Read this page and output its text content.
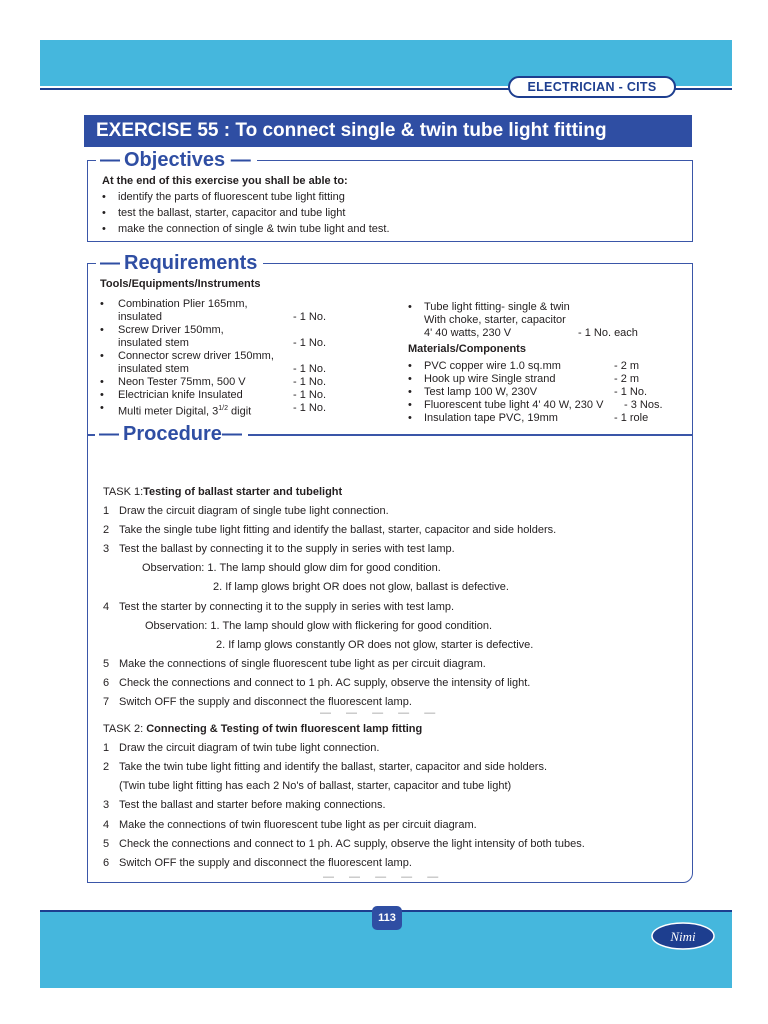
ELECTRICIAN - CITS
EXERCISE 55 : To connect single & twin tube light fitting
— Objectives —
At the end of this exercise you shall be able to:
• identify the parts of fluorescent tube light fitting
• test the ballast, starter, capacitor and tube light
• make the connection of single & twin tube light and test.
— Requirements
Tools/Equipments/Instruments
• Combination Plier 165mm,
insulated	- 1 No.
• Screw Driver 150mm,
insulated stem	- 1 No.
• Connector screw driver 150mm,
insulated stem	- 1 No.
• Neon Tester 75mm, 500 V	- 1 No.
• Electrician knife Insulated	- 1 No.
• Multi meter Digital, $3^{1/2}$ digit	- 1 No.
• Tube light fitting- single & twin
With choke, starter, capacitor
4' 40 watts, 230 V	- 1 No. each
Materials/Components
• PVC copper wire 1.0 sq.mm	- 2 m
• Hook up wire Single strand	- 2 m
• Test lamp 100 W, 230V	- 1 No.
• Fluorescent tube light 4' 40 W, 230 V - 3 Nos.
• Insulation tape PVC, 19mm	- 1 role
— Procedure—
TASK 1:Testing of ballast starter and tubelight
1 Draw the circuit diagram of single tube light connection.
2 Take the single tube light fitting and identify the ballast, starter, capacitor and side holders.
3 Test the ballast by connecting it to the supply in series with test lamp.
Observation: 1. The lamp should glow dim for good condition.
2. If lamp glows bright OR does not glow, ballast is defective.
4 Test the starter by connecting it to the supply in series with test lamp.
Observation: 1. The lamp should glow with flickering for good condition.
2. If lamp glows constantly OR does not glow, starter is defective.
5 Make the connections of single fluorescent tube light as per circuit diagram.
6 Check the connections and connect to 1 ph. AC supply, observe the intensity of light.
7 Switch OFF the supply and disconnect the fluorescent lamp.
— — — — —
TASK 2: Connecting & Testing of twin fluorescent lamp fitting
1 Draw the circuit diagram of twin tube light connection.
2 Take the twin tube light fitting and identify the ballast, starter, capacitor and side holders.
(Twin tube light fitting has each 2 No's of ballast, starter, capacitor and tube light)
3 Test the ballast and starter before making connections.
4 Make the connections of twin fluorescent tube light as per circuit diagram.
5 Check the connections and connect to 1 ph. AC supply, observe the light intensity of both tubes.
6 Switch OFF the supply and disconnect the fluorescent lamp.
— — — — —
113
Nimi
